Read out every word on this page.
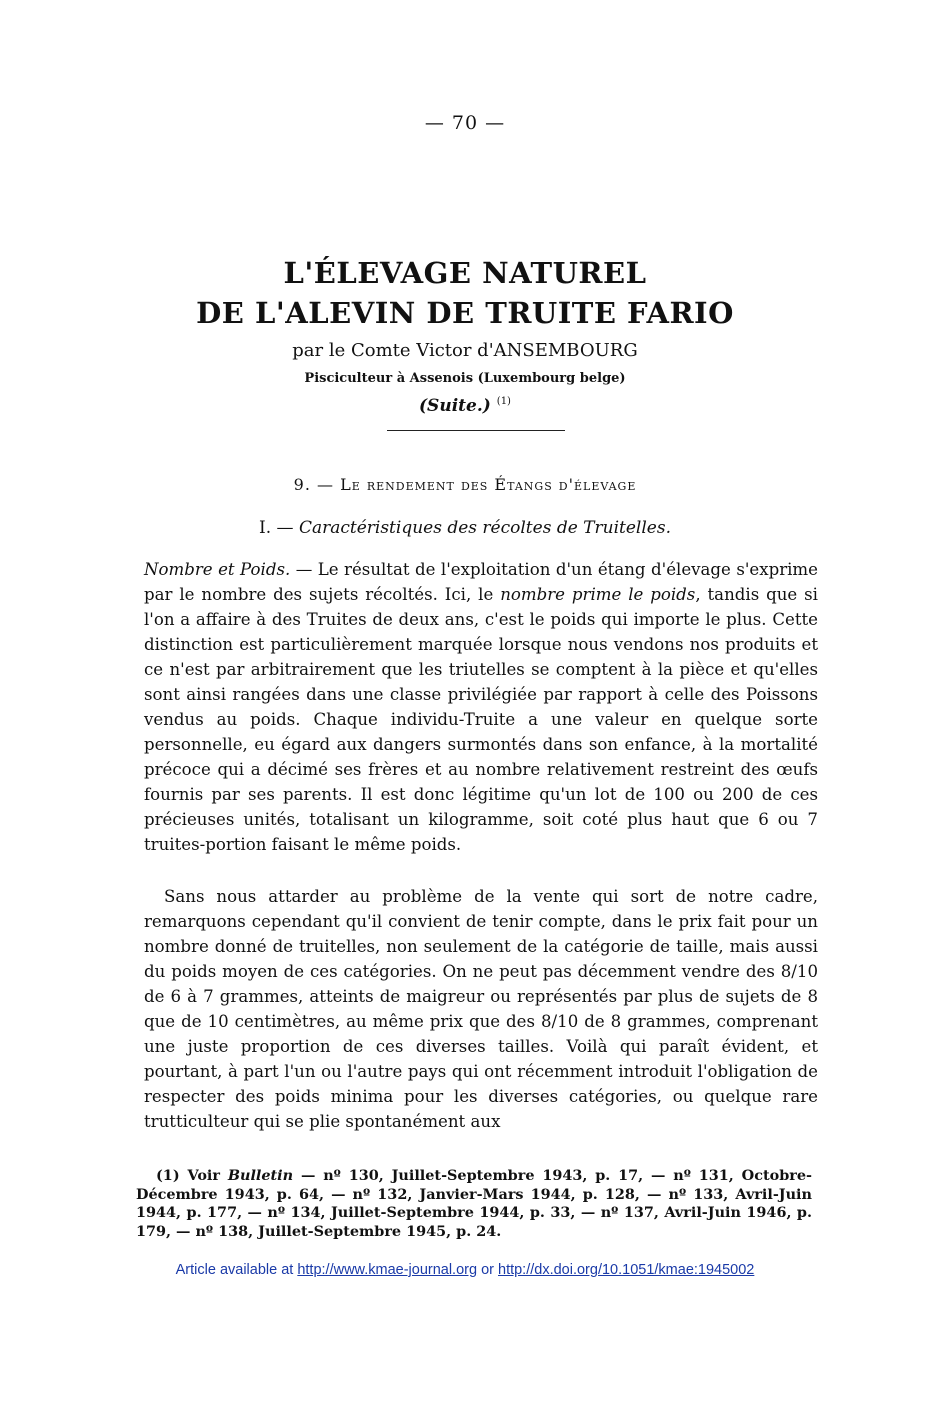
— 70 —
L'ÉLEVAGE NATUREL
DE L'ALEVIN DE TRUITE FARIO
par le Comte Victor d'ANSEMBOURG
Pisciculteur à Assenois (Luxembourg belge)
(Suite.) $^{(1)}$
9. — Le rendement des Étangs d'élevage
I. — Caractéristiques des récoltes de Truitelles.
Nombre et Poids. — Le résultat de l'exploitation d'un étang d'élevage s'exprime par le nombre des sujets récoltés. Ici, le nombre prime le poids, tandis que si l'on a affaire à des Truites de deux ans, c'est le poids qui importe le plus. Cette distinction est particulièrement marquée lorsque nous vendons nos produits et ce n'est par arbitrairement que les triutelles se comptent à la pièce et qu'elles sont ainsi rangées dans une classe privilégiée par rapport à celle des Poissons vendus au poids. Chaque individu-Truite a une valeur en quelque sorte personnelle, eu égard aux dangers surmontés dans son enfance, à la mortalité précoce qui a décimé ses frères et au nombre relativement restreint des œufs fournis par ses parents. Il est donc légitime qu'un lot de 100 ou 200 de ces précieuses unités, totalisant un kilogramme, soit coté plus haut que 6 ou 7 truites-portion faisant le même poids.
Sans nous attarder au problème de la vente qui sort de notre cadre, remarquons cependant qu'il convient de tenir compte, dans le prix fait pour un nombre donné de truitelles, non seulement de la catégorie de taille, mais aussi du poids moyen de ces catégories. On ne peut pas décemment vendre des 8/10 de 6 à 7 grammes, atteints de maigreur ou représentés par plus de sujets de 8 que de 10 centimètres, au même prix que des 8/10 de 8 grammes, comprenant une juste proportion de ces diverses tailles. Voilà qui paraît évident, et pourtant, à part l'un ou l'autre pays qui ont récemment introduit l'obligation de respecter des poids minima pour les diverses catégories, ou quelque rare trutticulteur qui se plie spontanément aux
(1) Voir Bulletin — nº 130, Juillet-Septembre 1943, p. 17, — nº 131, Octobre-Décembre 1943, p. 64, — nº 132, Janvier-Mars 1944, p. 128, — nº 133, Avril-Juin 1944, p. 177, — nº 134, Juillet-Septembre 1944, p. 33, — nº 137, Avril-Juin 1946, p. 179, — nº 138, Juillet-Septembre 1945, p. 24.
Article available at http://www.kmae-journal.org or http://dx.doi.org/10.1051/kmae:1945002
